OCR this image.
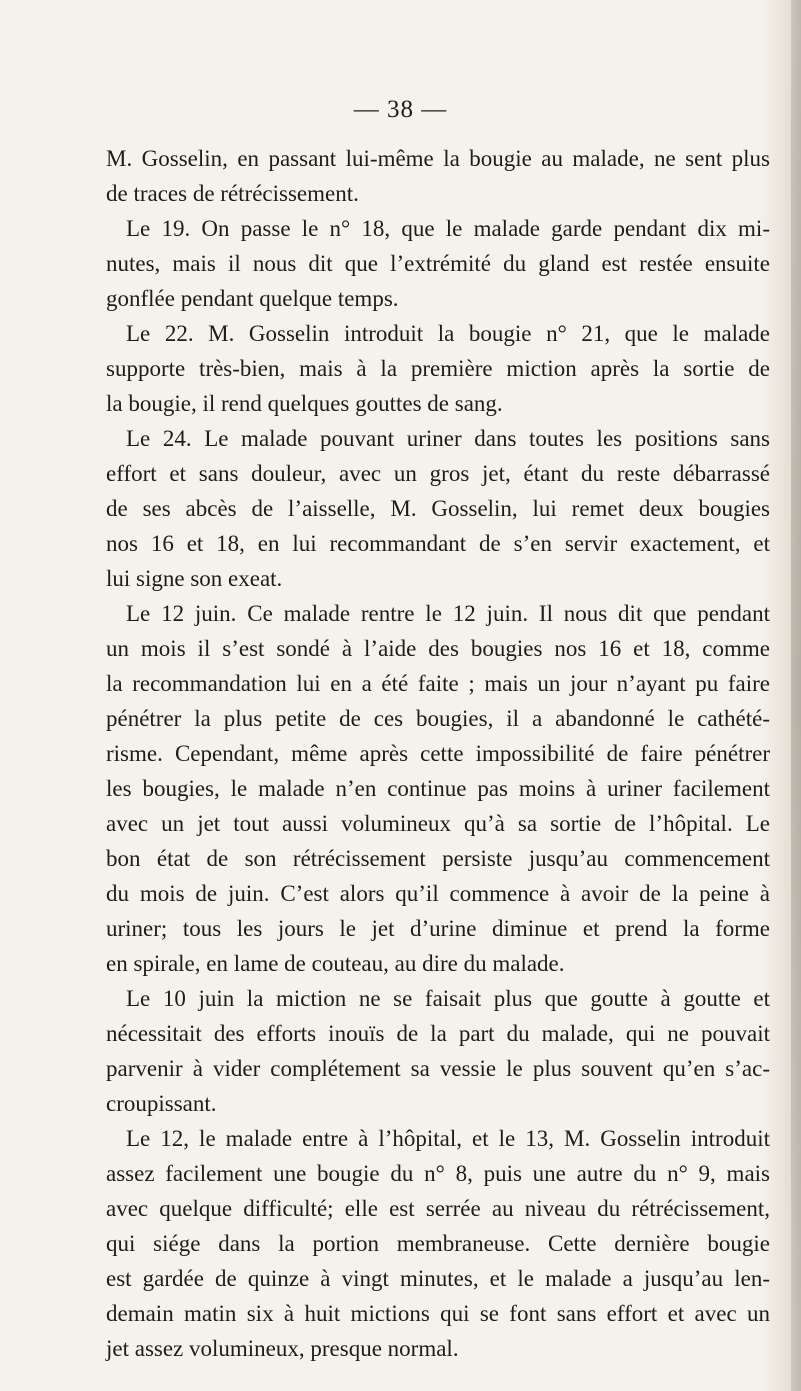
— 38 —
M. Gosselin, en passant lui-même la bougie au malade, ne sent plus
de traces de rétrécissement.
Le 19. On passe le n° 18, que le malade garde pendant dix mi-
nutes, mais il nous dit que l’extrémité du gland est restée ensuite
gonflée pendant quelque temps.
Le 22. M. Gosselin introduit la bougie n° 21, que le malade
supporte très-bien, mais à la première miction après la sortie de
la bougie, il rend quelques gouttes de sang.
Le 24. Le malade pouvant uriner dans toutes les positions sans
effort et sans douleur, avec un gros jet, étant du reste débarrassé
de ses abcès de l’aisselle, M. Gosselin, lui remet deux bougies
nos 16 et 18, en lui recommandant de s’en servir exactement, et
lui signe son exeat.
Le 12 juin. Ce malade rentre le 12 juin. Il nous dit que pendant
un mois il s’est sondé à l’aide des bougies nos 16 et 18, comme
la recommandation lui en a été faite ; mais un jour n’ayant pu faire
pénétrer la plus petite de ces bougies, il a abandonné le cathété-
risme. Cependant, même après cette impossibilité de faire pénétrer
les bougies, le malade n’en continue pas moins à uriner facilement
avec un jet tout aussi volumineux qu’à sa sortie de l’hôpital. Le
bon état de son rétrécissement persiste jusqu’au commencement
du mois de juin. C’est alors qu’il commence à avoir de la peine à
uriner; tous les jours le jet d’urine diminue et prend la forme
en spirale, en lame de couteau, au dire du malade.
Le 10 juin la miction ne se faisait plus que goutte à goutte et
nécessitait des efforts inouïs de la part du malade, qui ne pouvait
parvenir à vider complétement sa vessie le plus souvent qu’en s’ac-
croupissant.
Le 12, le malade entre à l’hôpital, et le 13, M. Gosselin introduit
assez facilement une bougie du n° 8, puis une autre du n° 9, mais
avec quelque difficulté; elle est serrée au niveau du rétrécissement,
qui siége dans la portion membraneuse. Cette dernière bougie
est gardée de quinze à vingt minutes, et le malade a jusqu’au len-
demain matin six à huit mictions qui se font sans effort et avec un
jet assez volumineux, presque normal.
